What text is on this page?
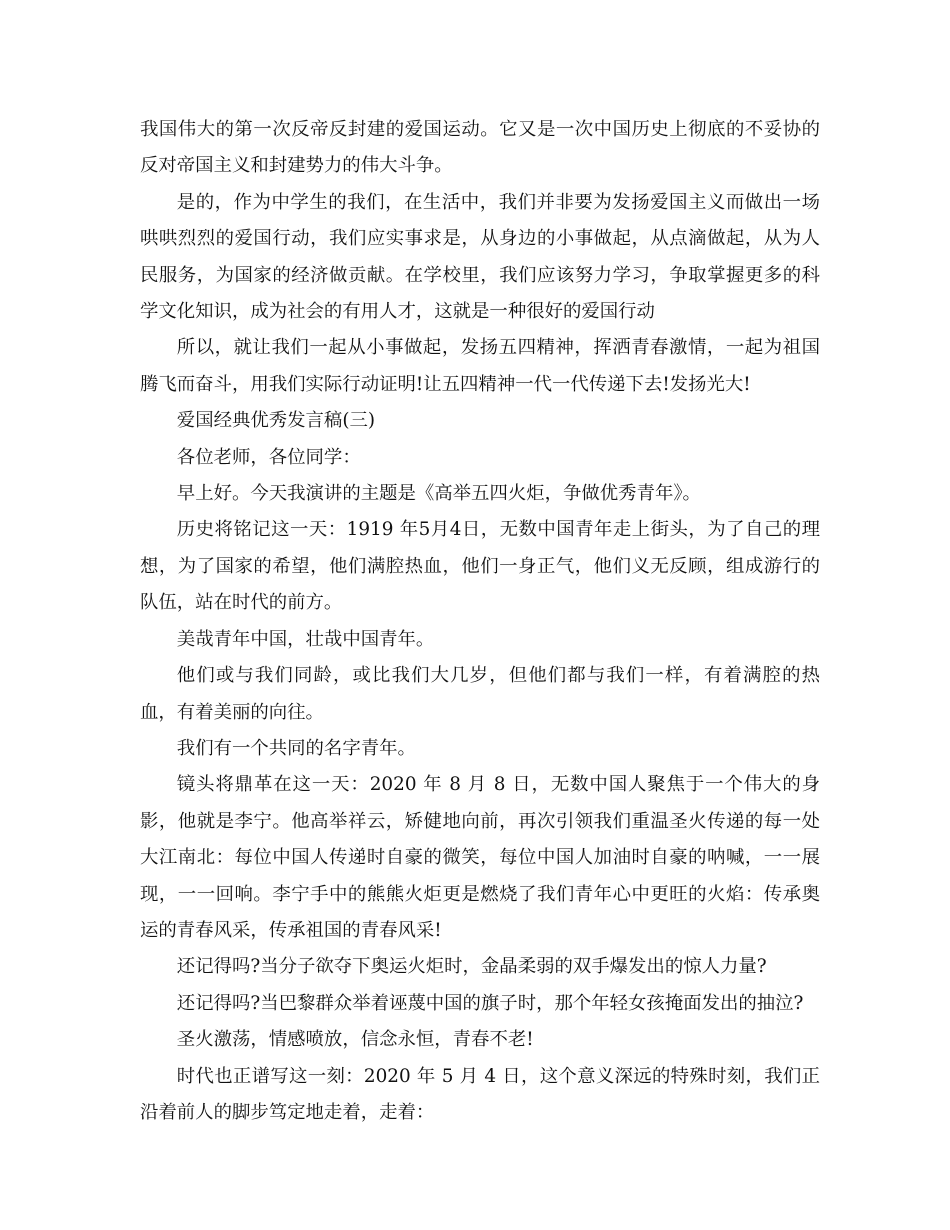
我国伟大的第一次反帝反封建的爱国运动。它又是一次中国历史上彻底的不妥协的反对帝国主义和封建势力的伟大斗争。

是的，作为中学生的我们，在生活中，我们并非要为发扬爱国主义而做出一场哄哄烈烈的爱国行动，我们应实事求是，从身边的小事做起，从点滴做起，从为人民服务，为国家的经济做贡献。在学校里，我们应该努力学习，争取掌握更多的科学文化知识，成为社会的有用人才，这就是一种很好的爱国行动

所以，就让我们一起从小事做起，发扬五四精神，挥洒青春激情，一起为祖国腾飞而奋斗，用我们实际行动证明!让五四精神一代一代传递下去!发扬光大!

爱国经典优秀发言稿(三)

各位老师，各位同学：

早上好。今天我演讲的主题是《高举五四火炬，争做优秀青年》。

历史将铭记这一天：1919 年5月4日，无数中国青年走上街头，为了自己的理想，为了国家的希望，他们满腔热血，他们一身正气，他们义无反顾，组成游行的队伍，站在时代的前方。

美哉青年中国，壮哉中国青年。

他们或与我们同龄，或比我们大几岁，但他们都与我们一样，有着满腔的热血，有着美丽的向往。

我们有一个共同的名字青年。

镜头将鼎革在这一天：2020 年 8 月 8 日，无数中国人聚焦于一个伟大的身影，他就是李宁。他高举祥云，矫健地向前，再次引领我们重温圣火传递的每一处大江南北：每位中国人传递时自豪的微笑，每位中国人加油时自豪的呐喊，一一展现，一一回响。李宁手中的熊熊火炬更是燃烧了我们青年心中更旺的火焰：传承奥运的青春风采，传承祖国的青春风采!

还记得吗?当分子欲夺下奥运火炬时，金晶柔弱的双手爆发出的惊人力量?

还记得吗?当巴黎群众举着诬蔑中国的旗子时，那个年轻女孩掩面发出的抽泣?

圣火激荡，情感喷放，信念永恒，青春不老!

时代也正谱写这一刻：2020 年 5 月 4 日，这个意义深远的特殊时刻，我们正沿着前人的脚步笃定地走着，走着：
